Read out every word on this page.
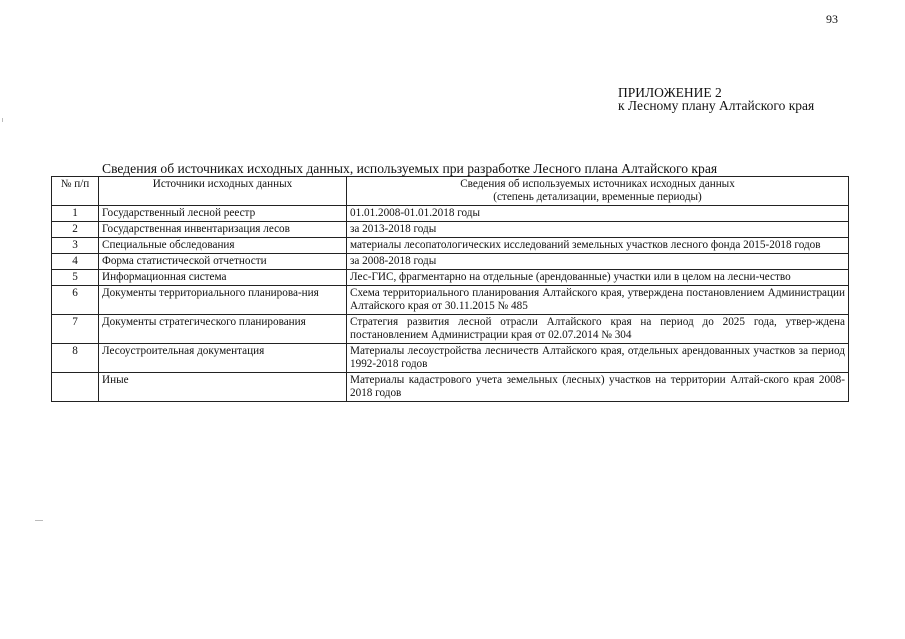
93
ПРИЛОЖЕНИЕ 2
к Лесному плану Алтайского края
Сведения об источниках исходных данных, используемых при разработке Лесного плана Алтайского края
№ п/п	Источники исходных данных	Сведения об используемых источниках исходных данных
(степень детализации, временные периоды)

1	Государственный лесной реестр	01.01.2008-01.01.2018 годы
2	Государственная инвентаризация лесов	за 2013-2018 годы
3	Специальные обследования	материалы лесопатологических исследований земельных участков лесного фонда 2015-2018 годов
4	Форма статистической отчетности	за 2008-2018 годы
5	Информационная система	Лес-ГИС, фрагментарно на отдельные (арендованные) участки или в целом на лесни-чество
6	Документы территориального планирова-ния	Схема территориального планирования Алтайского края, утверждена постановлением Администрации Алтайского края от 30.11.2015 № 485
7	Документы стратегического планирования	Стратегия развития лесной отрасли Алтайского края на период до 2025 года, утвер-ждена постановлением Администрации края от 02.07.2014 № 304
8	Лесоустроительная документация	Материалы лесоустройства лесничеств Алтайского края, отдельных арендованных участков за период 1992-2018 годов
	Иные	Материалы кадастрового учета земельных (лесных) участков на территории Алтай-ского края 2008-2018 годов
